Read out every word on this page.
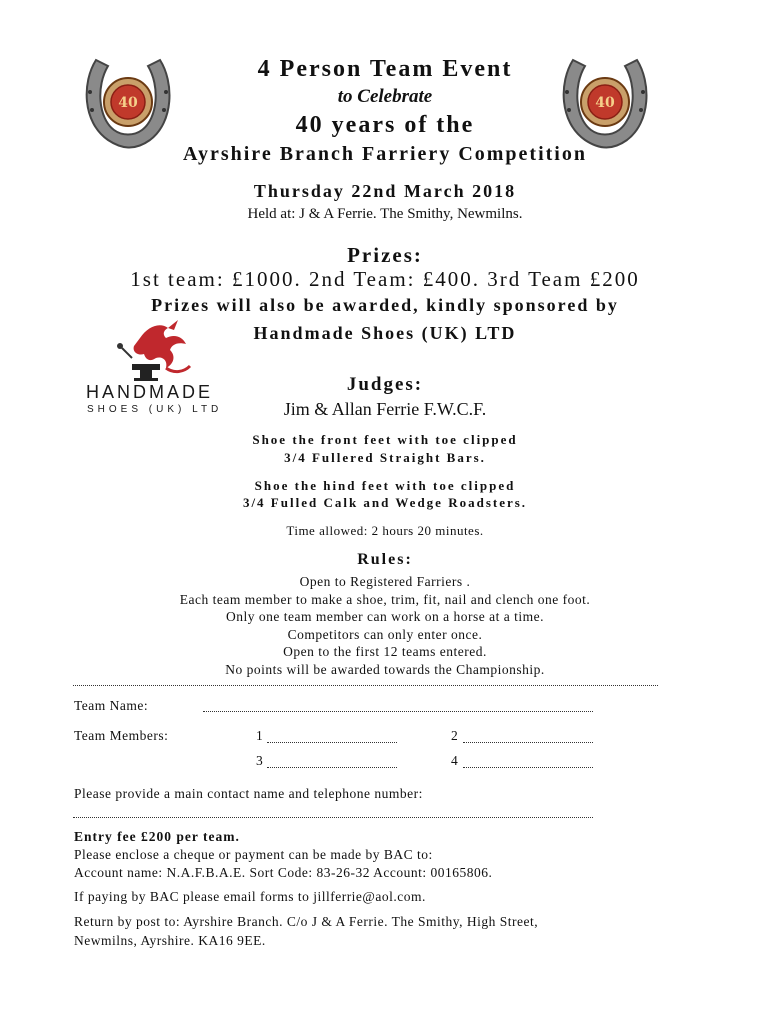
40	40
4 Person Team Event
to Celebrate
40 years of the
Ayrshire Branch Farriery Competition
Thursday 22nd March 2018
Held at: J & A Ferrie. The Smithy, Newmilns.
Prizes:
1st team: £1000. 2nd Team: £400. 3rd Team £200
Prizes will also be awarded, kindly sponsored by
Handmade Shoes (UK) LTD
HANDMADE
SHOES (UK) LTD
Judges:
Jim & Allan Ferrie F.W.C.F.
Shoe the front feet with toe clipped
3/4 Fullered Straight Bars.
Shoe the hind feet with toe clipped
3/4 Fulled Calk and Wedge Roadsters.
Time allowed: 2 hours 20 minutes.
Rules:
Open to Registered Farriers .
Each team member to make a shoe, trim, fit, nail and clench one foot.
Only one team member can work on a horse at a time.
Competitors can only enter once.
Open to the first 12 teams entered.
No points will be awarded towards the Championship.
Team Name:
Team Members:	1	2
3	4
Please provide a main contact name and telephone number:
Entry fee £200 per team.
Please enclose a cheque or payment can be made by BAC to:
Account name: N.A.F.B.A.E. Sort Code: 83-26-32 Account: 00165806.
If paying by BAC please email forms to jillferrie@aol.com.
Return by post to: Ayrshire Branch. C/o J & A Ferrie. The Smithy, High Street,
Newmilns, Ayrshire. KA16 9EE.
